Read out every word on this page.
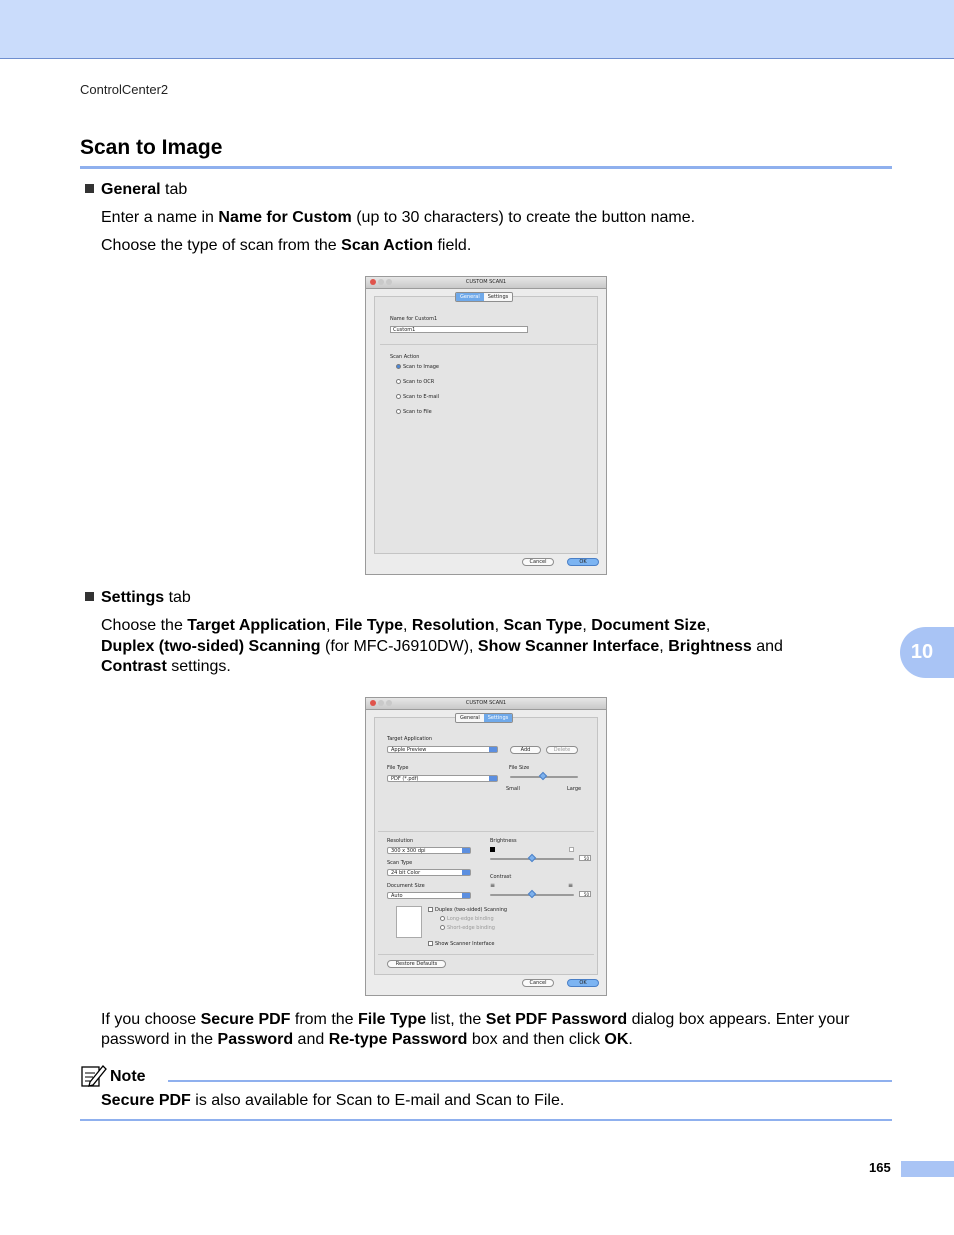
ControlCenter2
Scan to Image
General tab
Enter a name in Name for Custom (up to 30 characters) to create the button name.
Choose the type of scan from the Scan Action field.
CUSTOM SCAN1
General	Settings
Name for Custom1
Custom1
Scan Action
Scan to Image
Scan to OCR
Scan to E-mail
Scan to File
Cancel	OK
Settings tab
Choose the Target Application, File Type, Resolution, Scan Type, Document Size,
Duplex (two-sided) Scanning (for MFC-J6910DW), Show Scanner Interface, Brightness and
Contrast settings.
10
CUSTOM SCAN1
General	Settings
Target Application
Apple Preview	Add	Delete
File Type
PDF (*.pdf)
File Size
Small	Large
Resolution
300 x 300 dpi
Scan Type
24 bit Color
Document Size
Auto
Brightness
50
Contrast
≡	≡
50
Duplex (two-sided) Scanning
Long-edge binding
Short-edge binding
Show Scanner Interface
Restore Defaults
Cancel	OK
If you choose Secure PDF from the File Type list, the Set PDF Password dialog box appears. Enter your
password in the Password and Re-type Password box and then click OK.
Note
Secure PDF is also available for Scan to E-mail and Scan to File.
165
